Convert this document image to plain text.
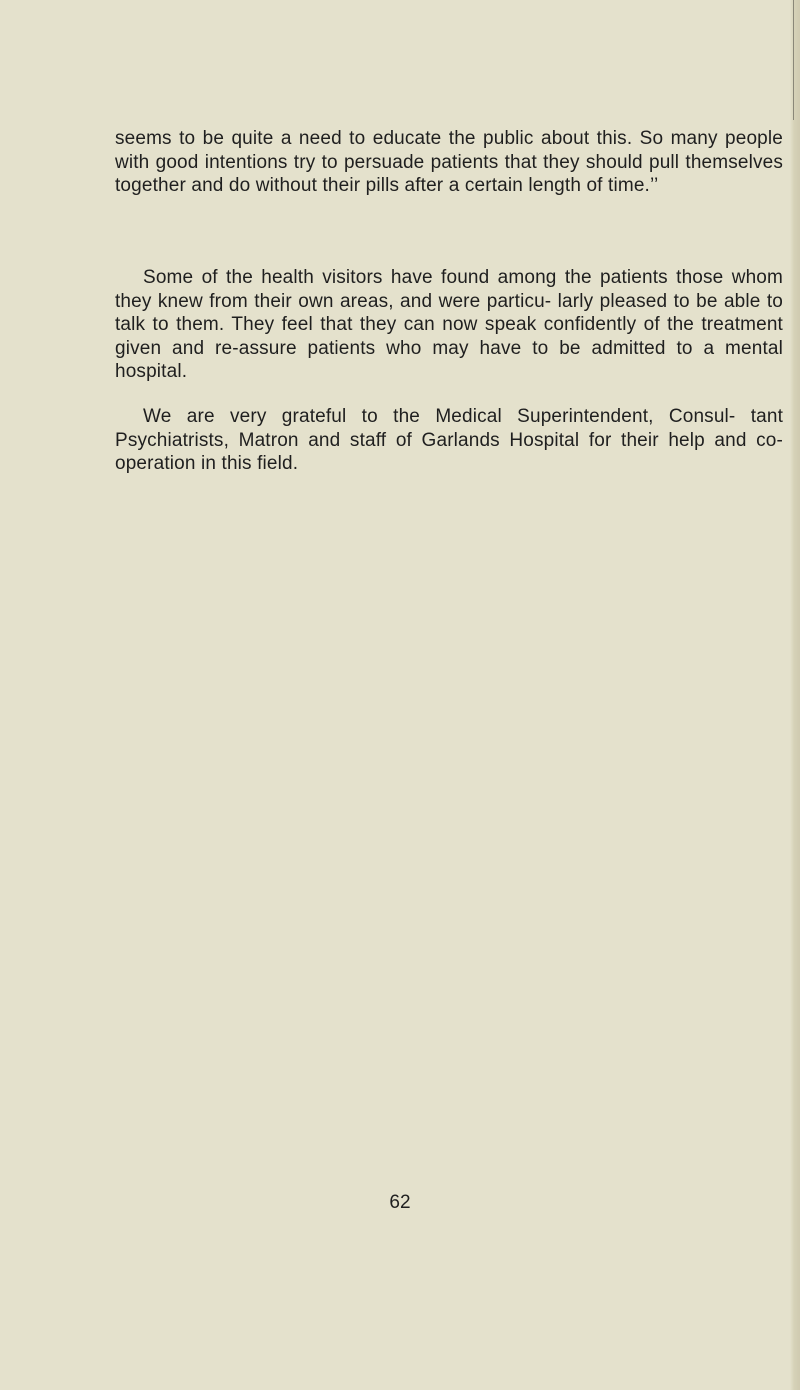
seems to be quite a need to educate the public about this. So many people with good intentions try to persuade patients that they should pull themselves together and do without their pills after a certain length of time.’’

Some of the health visitors have found among the patients those whom they knew from their own areas, and were particu- larly pleased to be able to talk to them. They feel that they can now speak confidently of the treatment given and re-assure patients who may have to be admitted to a mental hospital.

We are very grateful to the Medical Superintendent, Consul- tant Psychiatrists, Matron and staff of Garlands Hospital for their help and co-operation in this field.

62
